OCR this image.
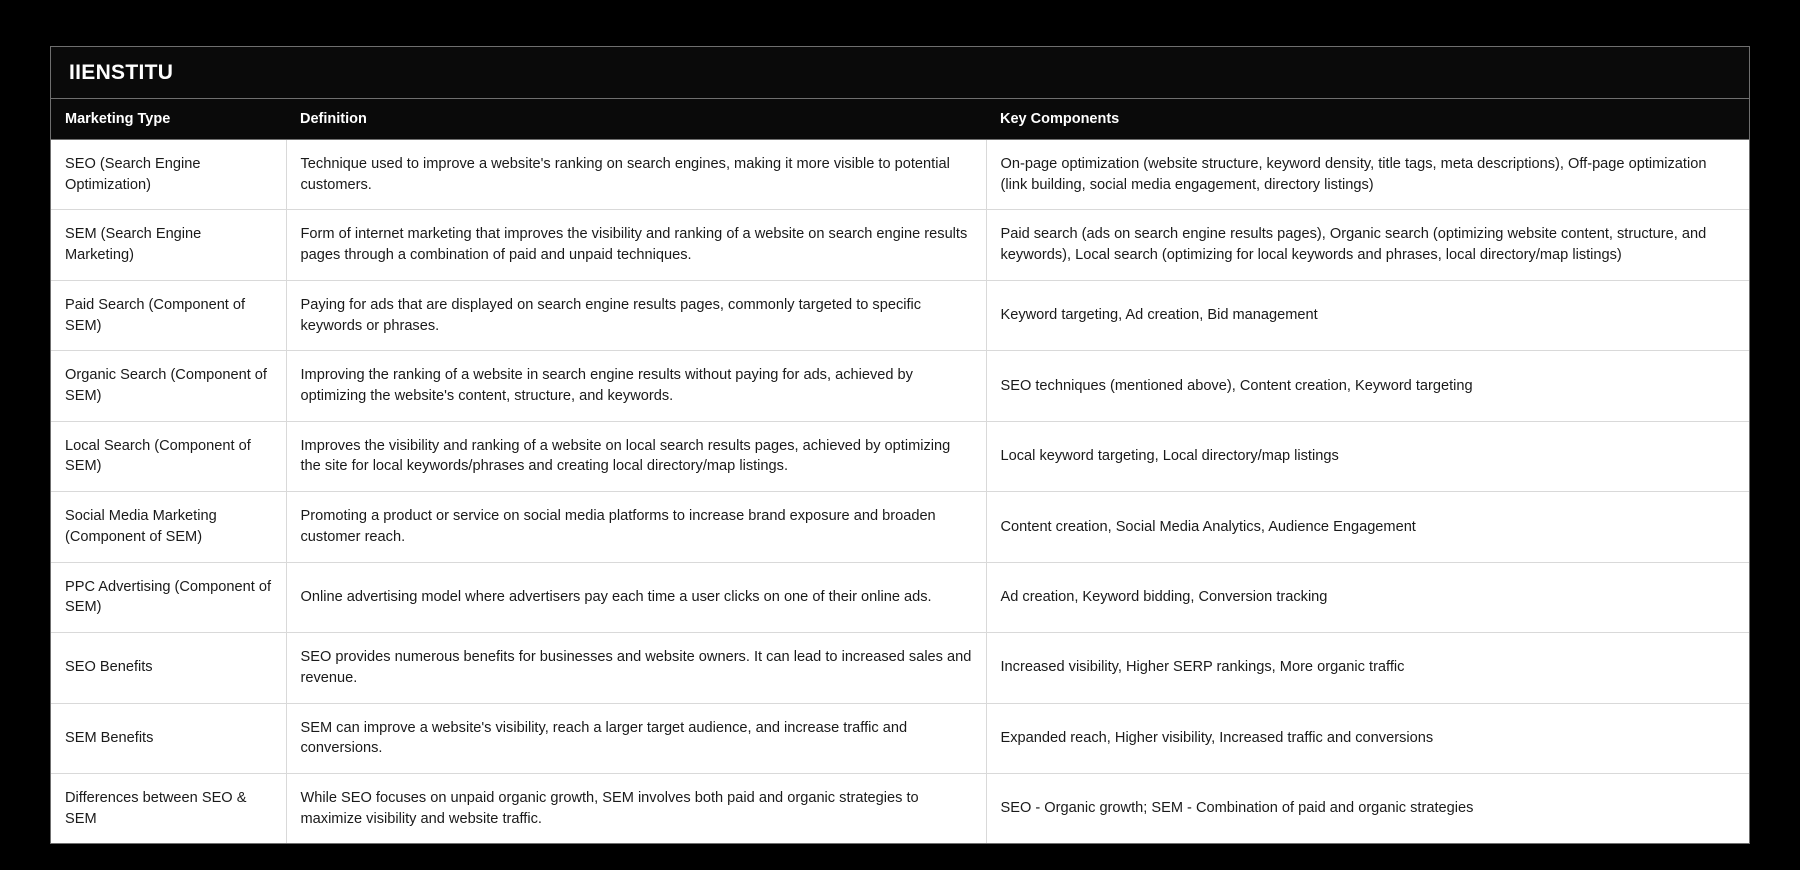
IIENSTITU
Marketing Type	Definition	Key Components
SEO (Search Engine Optimization)	Technique used to improve a website's ranking on search engines, making it more visible to potential customers.	On-page optimization (website structure, keyword density, title tags, meta descriptions), Off-page optimization (link building, social media engagement, directory listings)
SEM (Search Engine Marketing)	Form of internet marketing that improves the visibility and ranking of a website on search engine results pages through a combination of paid and unpaid techniques.	Paid search (ads on search engine results pages), Organic search (optimizing website content, structure, and keywords), Local search (optimizing for local keywords and phrases, local directory/map listings)
Paid Search (Component of SEM)	Paying for ads that are displayed on search engine results pages, commonly targeted to specific keywords or phrases.	Keyword targeting, Ad creation, Bid management
Organic Search (Component of SEM)	Improving the ranking of a website in search engine results without paying for ads, achieved by optimizing the website's content, structure, and keywords.	SEO techniques (mentioned above), Content creation, Keyword targeting
Local Search (Component of SEM)	Improves the visibility and ranking of a website on local search results pages, achieved by optimizing the site for local keywords/phrases and creating local directory/map listings.	Local keyword targeting, Local directory/map listings
Social Media Marketing (Component of SEM)	Promoting a product or service on social media platforms to increase brand exposure and broaden customer reach.	Content creation, Social Media Analytics, Audience Engagement
PPC Advertising (Component of SEM)	Online advertising model where advertisers pay each time a user clicks on one of their online ads.	Ad creation, Keyword bidding, Conversion tracking
SEO Benefits	SEO provides numerous benefits for businesses and website owners. It can lead to increased sales and revenue.	Increased visibility, Higher SERP rankings, More organic traffic
SEM Benefits	SEM can improve a website's visibility, reach a larger target audience, and increase traffic and conversions.	Expanded reach, Higher visibility, Increased traffic and conversions
Differences between SEO & SEM	While SEO focuses on unpaid organic growth, SEM involves both paid and organic strategies to maximize visibility and website traffic.	SEO - Organic growth; SEM - Combination of paid and organic strategies
